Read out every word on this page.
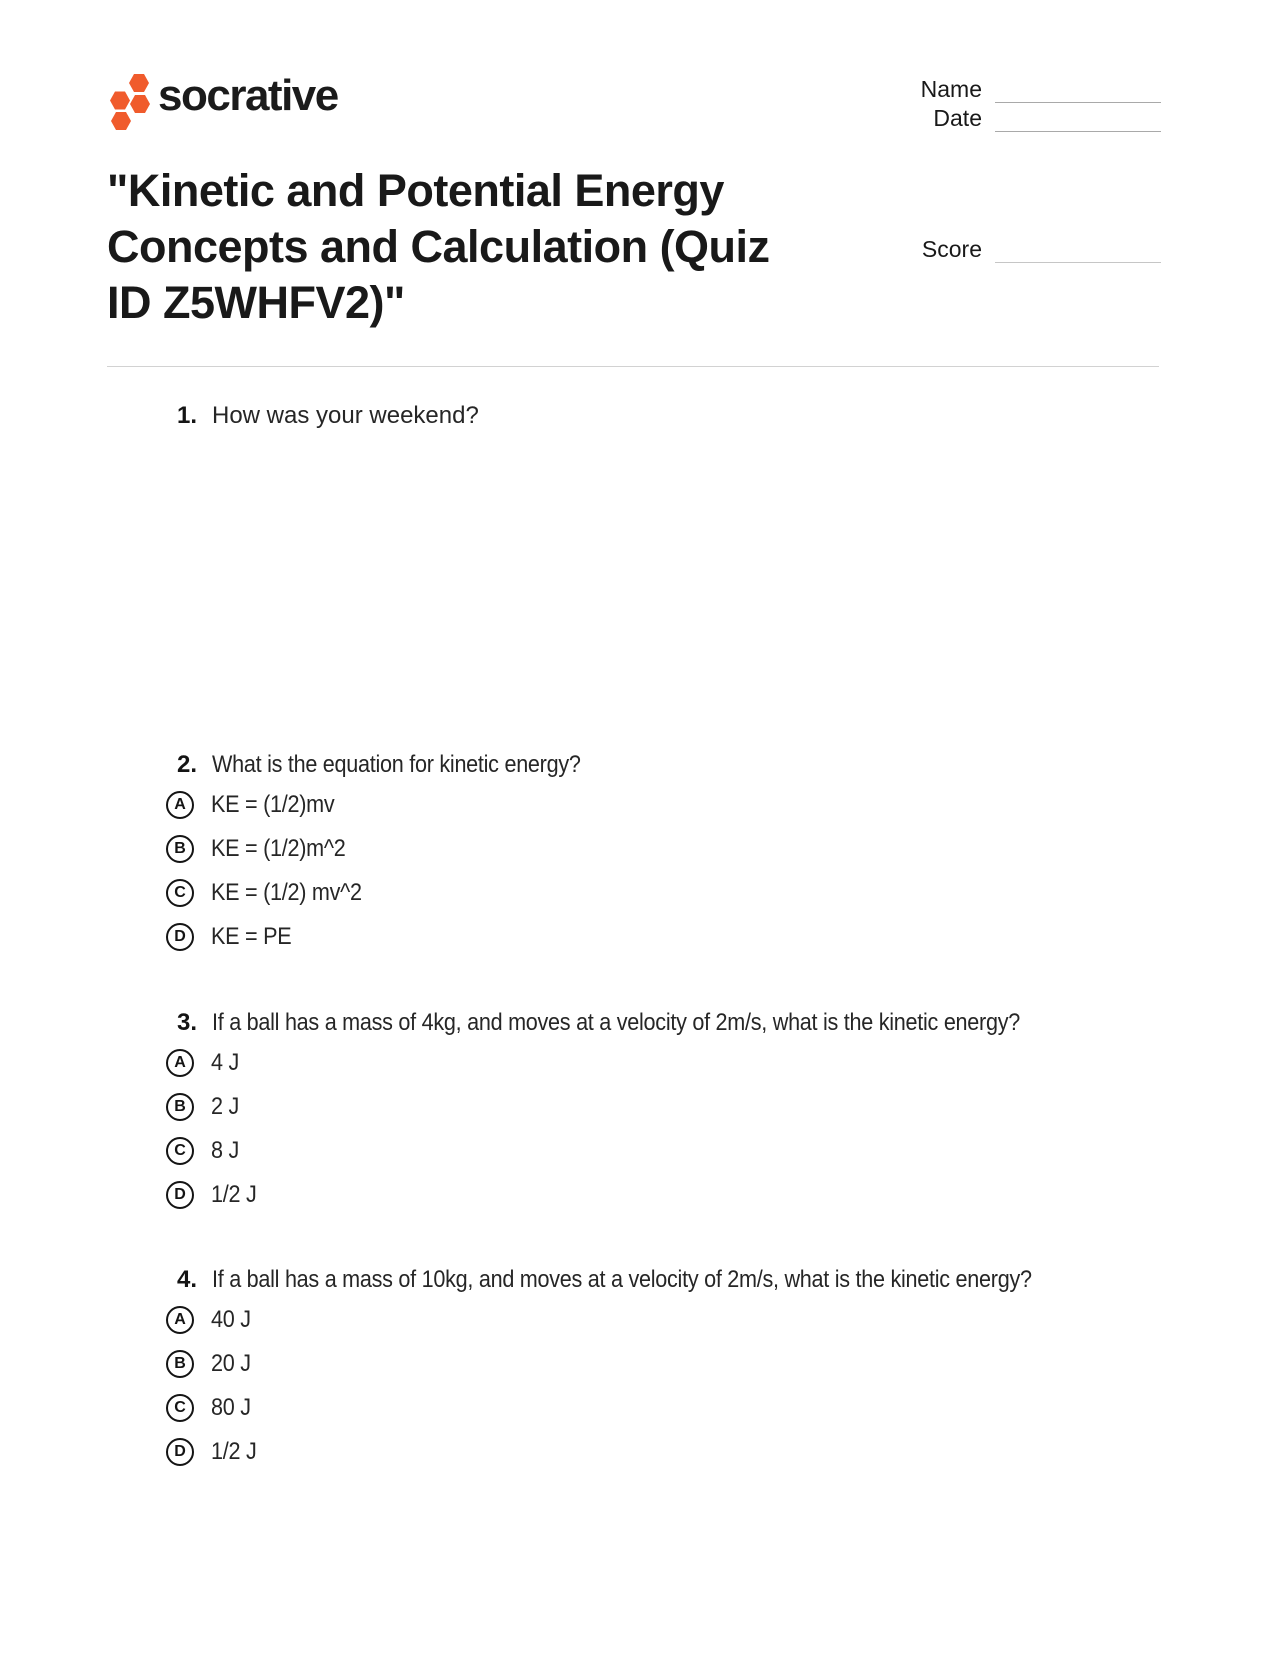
socrative	Name
Date
"Kinetic and Potential Energy
Concepts and Calculation (Quiz
ID Z5WHFV2)"
Score
1. How was your weekend?
2. What is the equation for kinetic energy?
A KE = (1/2)mv
B KE = (1/2)m^2
C KE = (1/2) mv^2
D KE = PE
3. If a ball has a mass of 4kg, and moves at a velocity of 2m/s, what is the kinetic energy?
A 4 J
B 2 J
C 8 J
D 1/2 J
4. If a ball has a mass of 10kg, and moves at a velocity of 2m/s, what is the kinetic energy?
A 40 J
B 20 J
C 80 J
D 1/2 J
